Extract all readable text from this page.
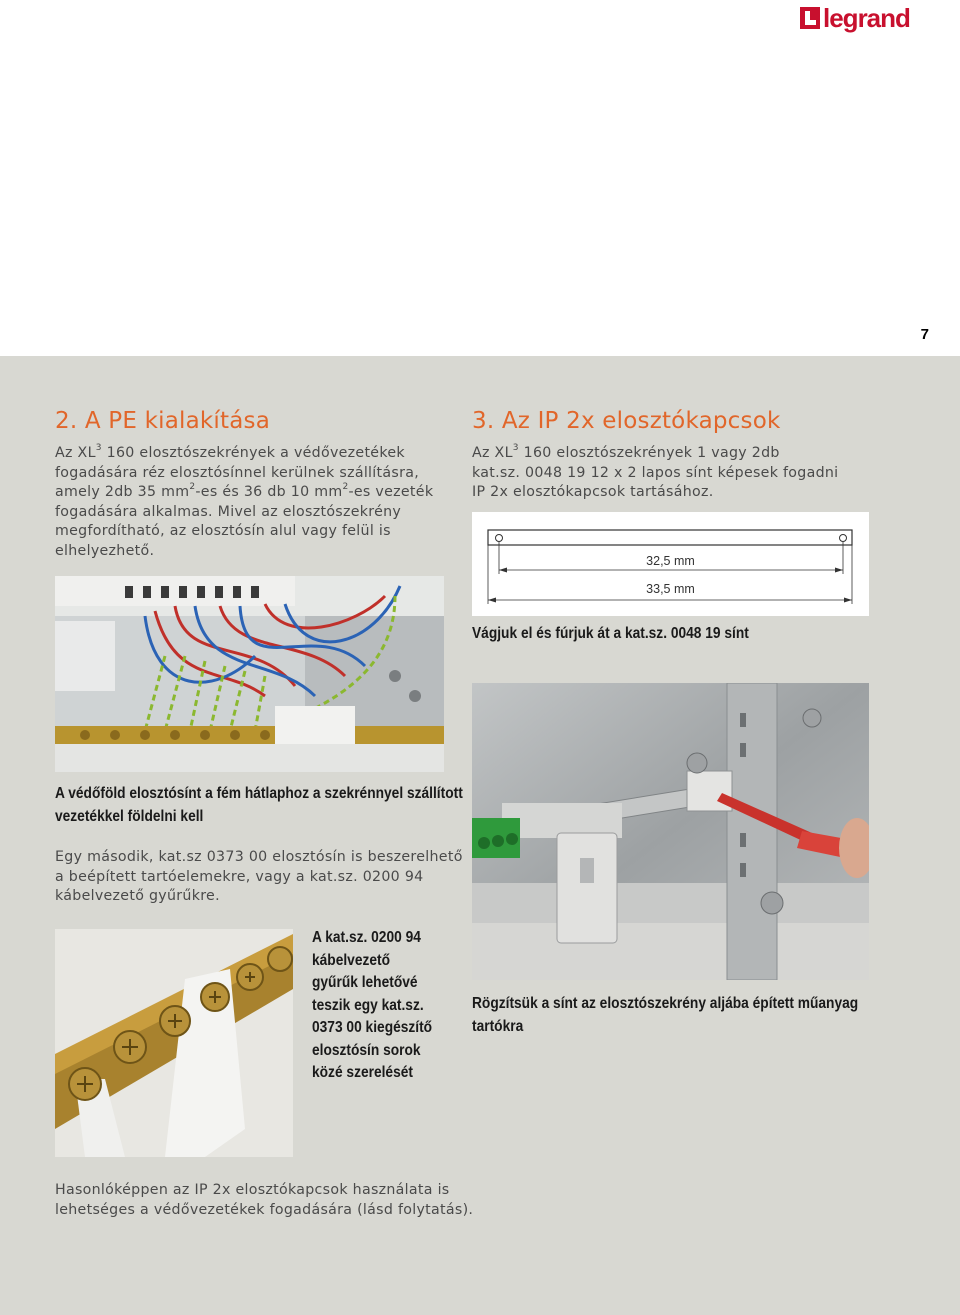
legrand
7
2. A PE kialakítása
Az $XL^3$ 160 elosztószekrények a védővezetékek
fogadására réz elosztósínnel kerülnek szállításra,
amely 2db 35 $mm^2-es$ és 36 db 10 $mm^2-es$ vezeték
fogadására alkalmas. Mivel az elosztószekrény
megfordítható, az elosztósín alul vagy felül is
elhelyezhető.
A védőföld elosztósínt a fém hátlaphoz a szekrénnyel szállított
vezetékkel földelni kell
Egy második, kat.sz 0373 00 elosztósín is beszerelhető
a beépített tartóelemekre, vagy a kat.sz. 0200 94
kábelvezető gyűrűkre.
A kat.sz. 0200 94
kábelvezető
gyűrűk lehetővé
teszik egy kat.sz.
0373 00 kiegészítő
elosztósín sorok
közé szerelését
3. Az IP 2x elosztókapcsok
Az $XL^3$ 160 elosztószekrények 1 vagy 2db
kat.sz. 0048 19 12 x 2 lapos sínt képesek fogadni
IP 2x elosztókapcsok tartásához.
32,5 mm
33,5 mm
Vágjuk el és fúrjuk át a kat.sz. 0048 19 sínt
Rögzítsük a sínt az elosztószekrény aljába épített műanyag
tartókra
Hasonlóképpen az IP 2x elosztókapcsok használata is
lehetséges a védővezetékek fogadására (lásd folytatás).
